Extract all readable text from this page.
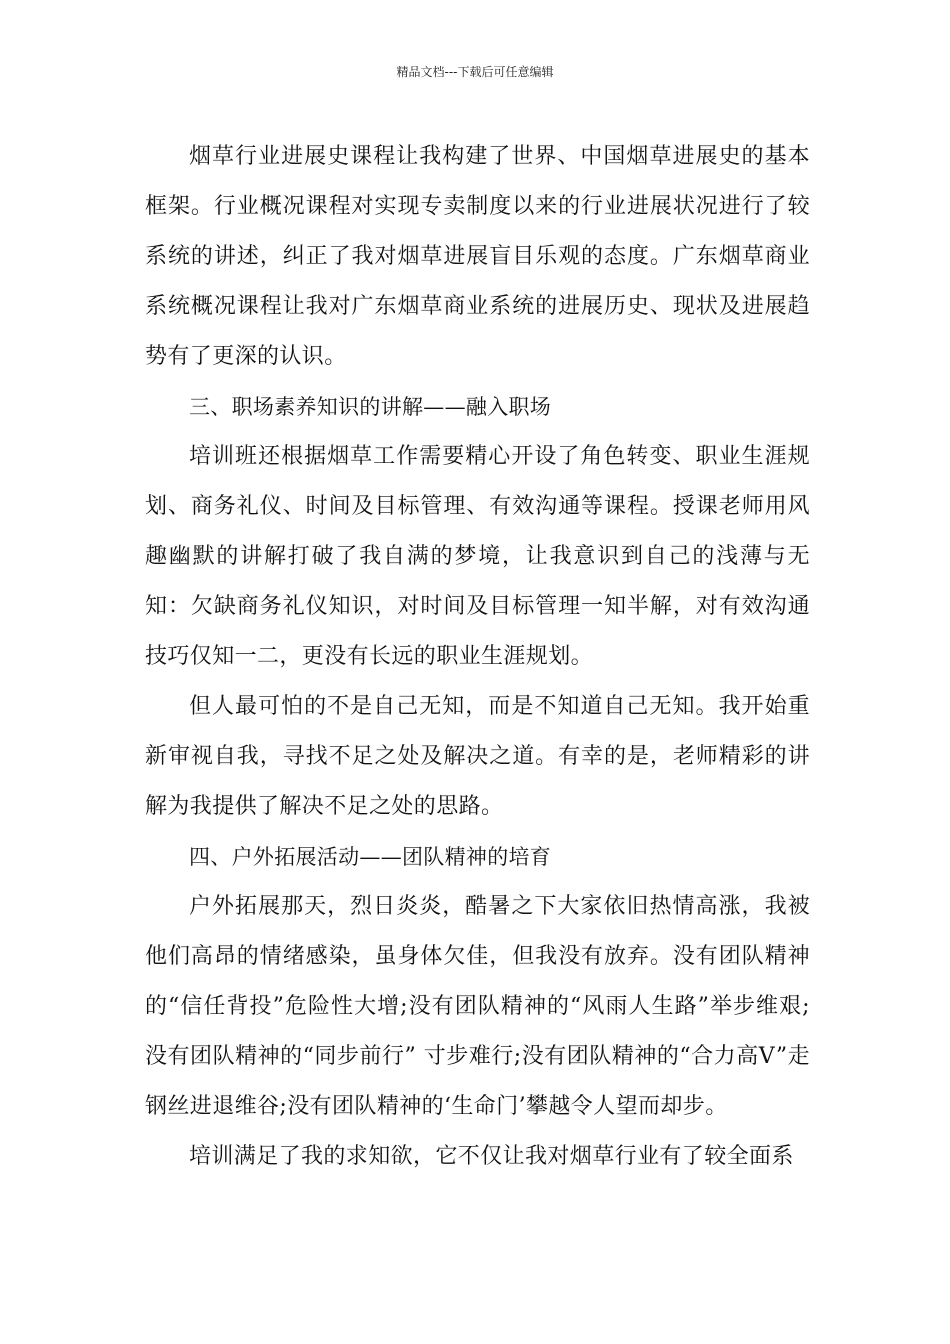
精品文档---下载后可任意编辑

烟草行业进展史课程让我构建了世界、中国烟草进展史的基本框架。行业概况课程对实现专卖制度以来的行业进展状况进行了较系统的讲述，纠正了我对烟草进展盲目乐观的态度。广东烟草商业系统概况课程让我对广东烟草商业系统的进展历史、现状及进展趋势有了更深的认识。

三、职场素养知识的讲解——融入职场

培训班还根据烟草工作需要精心开设了角色转变、职业生涯规划、商务礼仪、时间及目标管理、有效沟通等课程。授课老师用风趣幽默的讲解打破了我自满的梦境，让我意识到自己的浅薄与无知：欠缺商务礼仪知识，对时间及目标管理一知半解，对有效沟通技巧仅知一二，更没有长远的职业生涯规划。

但人最可怕的不是自己无知，而是不知道自己无知。我开始重新审视自我，寻找不足之处及解决之道。有幸的是，老师精彩的讲解为我提供了解决不足之处的思路。

四、户外拓展活动——团队精神的培育

户外拓展那天，烈日炎炎，酷暑之下大家依旧热情高涨，我被他们高昂的情绪感染，虽身体欠佳，但我没有放弃。没有团队精神的“信任背投”危险性大增;没有团队精神的“风雨人生路”举步维艰;没有团队精神的“同步前行” 寸步难行;没有团队精神的“合力高V”走钢丝进退维谷;没有团队精神的‘生命门’攀越令人望而却步。

培训满足了我的求知欲，它不仅让我对烟草行业有了较全面系
